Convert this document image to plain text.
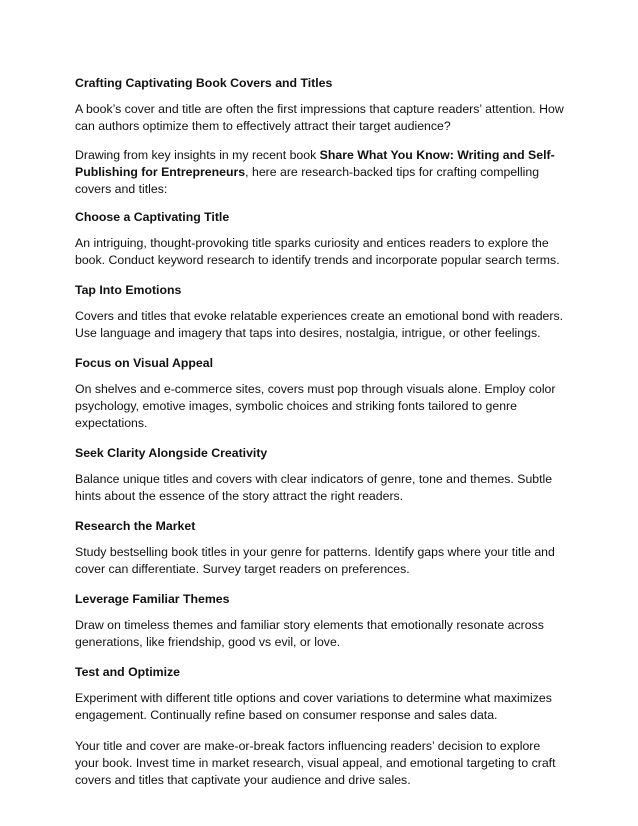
Crafting Captivating Book Covers and Titles

A book’s cover and title are often the first impressions that capture readers’ attention. How can authors optimize them to effectively attract their target audience?

Drawing from key insights in my recent book Share What You Know: Writing and Self-Publishing for Entrepreneurs, here are research-backed tips for crafting compelling covers and titles:

Choose a Captivating Title

An intriguing, thought-provoking title sparks curiosity and entices readers to explore the book. Conduct keyword research to identify trends and incorporate popular search terms.

Tap Into Emotions

Covers and titles that evoke relatable experiences create an emotional bond with readers. Use language and imagery that taps into desires, nostalgia, intrigue, or other feelings.

Focus on Visual Appeal

On shelves and e-commerce sites, covers must pop through visuals alone. Employ color psychology, emotive images, symbolic choices and striking fonts tailored to genre expectations.

Seek Clarity Alongside Creativity

Balance unique titles and covers with clear indicators of genre, tone and themes. Subtle hints about the essence of the story attract the right readers.

Research the Market

Study bestselling book titles in your genre for patterns. Identify gaps where your title and cover can differentiate. Survey target readers on preferences.

Leverage Familiar Themes

Draw on timeless themes and familiar story elements that emotionally resonate across generations, like friendship, good vs evil, or love.

Test and Optimize

Experiment with different title options and cover variations to determine what maximizes engagement. Continually refine based on consumer response and sales data.

Your title and cover are make-or-break factors influencing readers’ decision to explore your book. Invest time in market research, visual appeal, and emotional targeting to craft covers and titles that captivate your audience and drive sales.
